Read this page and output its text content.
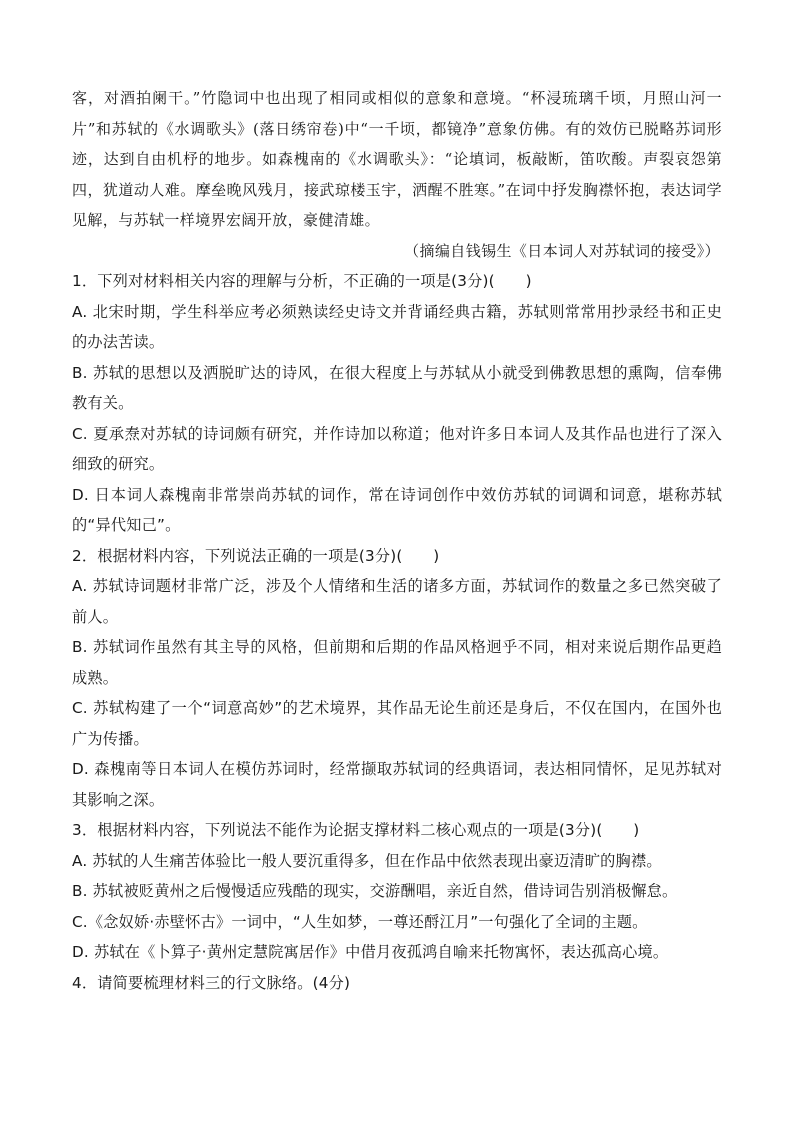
客，对酒拍阑干。”竹隐词中也出现了相同或相似的意象和意境。“杯浸琉璃千顷，月照山河一片”和苏轼的《水调歌头》(落日绣帘卷)中“一千顷，都镜净”意象仿佛。有的效仿已脱略苏词形迹，达到自由机杼的地步。如森槐南的《水调歌头》：“论填词，板敲断，笛吹酸。声裂哀怨第四，犹道动人难。摩垒晚风残月，接武琼楼玉宇，洒醒不胜寒。”在词中抒发胸襟怀抱，表达词学见解，与苏轼一样境界宏阔开放，豪健清雄。

（摘编自钱锡生《日本词人对苏轼词的接受》）

1．下列对材料相关内容的理解与分析，不正确的一项是(3分)(　　)

A. 北宋时期，学生科举应考必须熟读经史诗文并背诵经典古籍，苏轼则常常用抄录经书和正史的办法苦读。

B. 苏轼的思想以及洒脱旷达的诗风，在很大程度上与苏轼从小就受到佛教思想的熏陶，信奉佛教有关。

C. 夏承焘对苏轼的诗词颇有研究，并作诗加以称道；他对许多日本词人及其作品也进行了深入细致的研究。

D. 日本词人森槐南非常崇尚苏轼的词作，常在诗词创作中效仿苏轼的词调和词意，堪称苏轼的“异代知己”。

2．根据材料内容，下列说法正确的一项是(3分)(　　)

A. 苏轼诗词题材非常广泛，涉及个人情绪和生活的诸多方面，苏轼词作的数量之多已然突破了前人。

B. 苏轼词作虽然有其主导的风格，但前期和后期的作品风格迥乎不同，相对来说后期作品更趋成熟。

C. 苏轼构建了一个“词意高妙”的艺术境界，其作品无论生前还是身后，不仅在国内，在国外也广为传播。

D. 森槐南等日本词人在模仿苏词时，经常撷取苏轼词的经典语词，表达相同情怀，足见苏轼对其影响之深。

3．根据材料内容，下列说法不能作为论据支撑材料二核心观点的一项是(3分)(　　)

A. 苏轼的人生痛苦体验比一般人要沉重得多，但在作品中依然表现出豪迈清旷的胸襟。

B. 苏轼被贬黄州之后慢慢适应残酷的现实，交游酬唱，亲近自然，借诗词告别消极懈怠。

C.《念奴娇·赤壁怀古》一词中，“人生如梦，一尊还酹江月”一句强化了全词的主题。

D. 苏轼在《卜算子·黄州定慧院寓居作》中借月夜孤鸿自喻来托物寓怀，表达孤高心境。

4．请简要梳理材料三的行文脉络。(4分)
